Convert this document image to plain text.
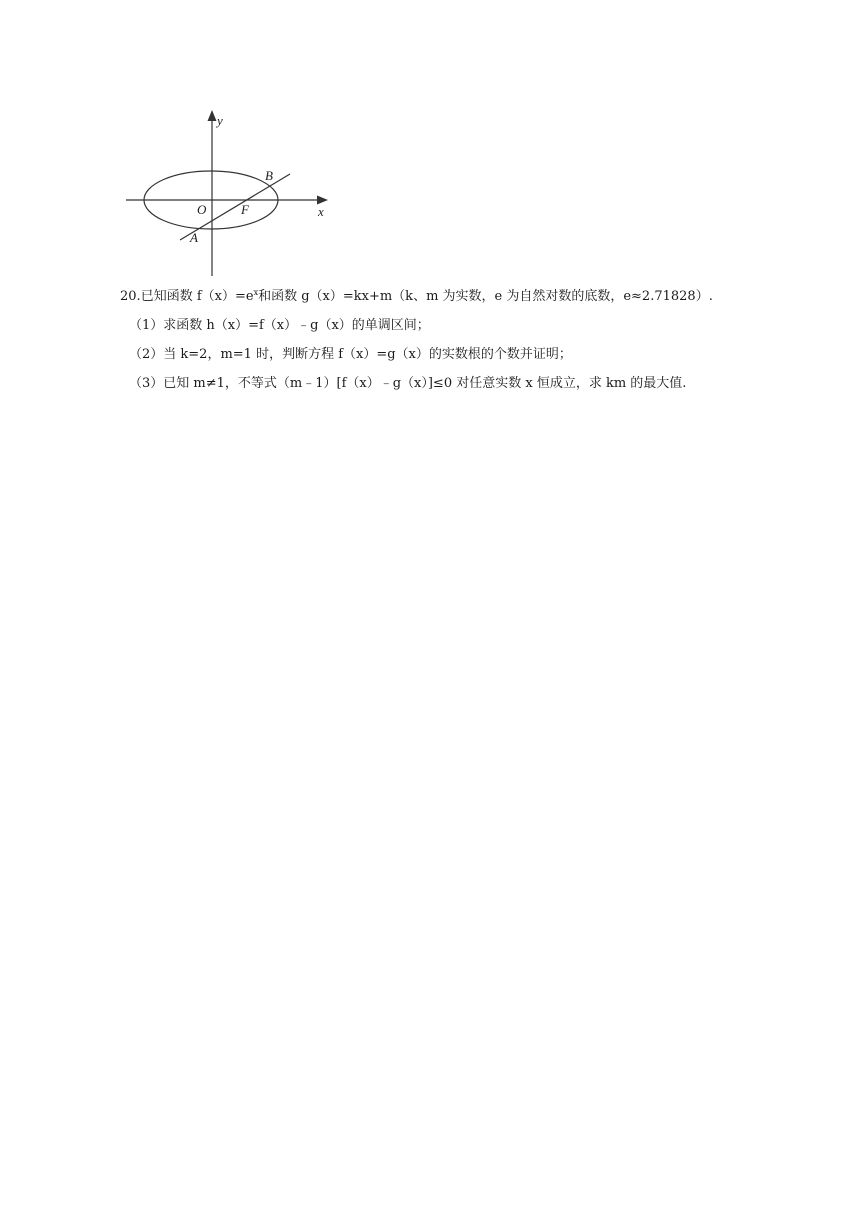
y
x
O	F
A
B

20.已知函数 $f(x)=e^x$和函数 g（x）=kx+m（k、m 为实数，e 为自然对数的底数，e≈2.71828）.

（1）求函数 h（x）=f（x）﹣g（x）的单调区间；

（2）当 k=2，m=1 时，判断方程 f（x）=g（x）的实数根的个数并证明；

（3）已知 m≠1，不等式（m﹣1）[f（x）﹣g（x）]≤0 对任意实数 x 恒成立，求 km 的最大值.
